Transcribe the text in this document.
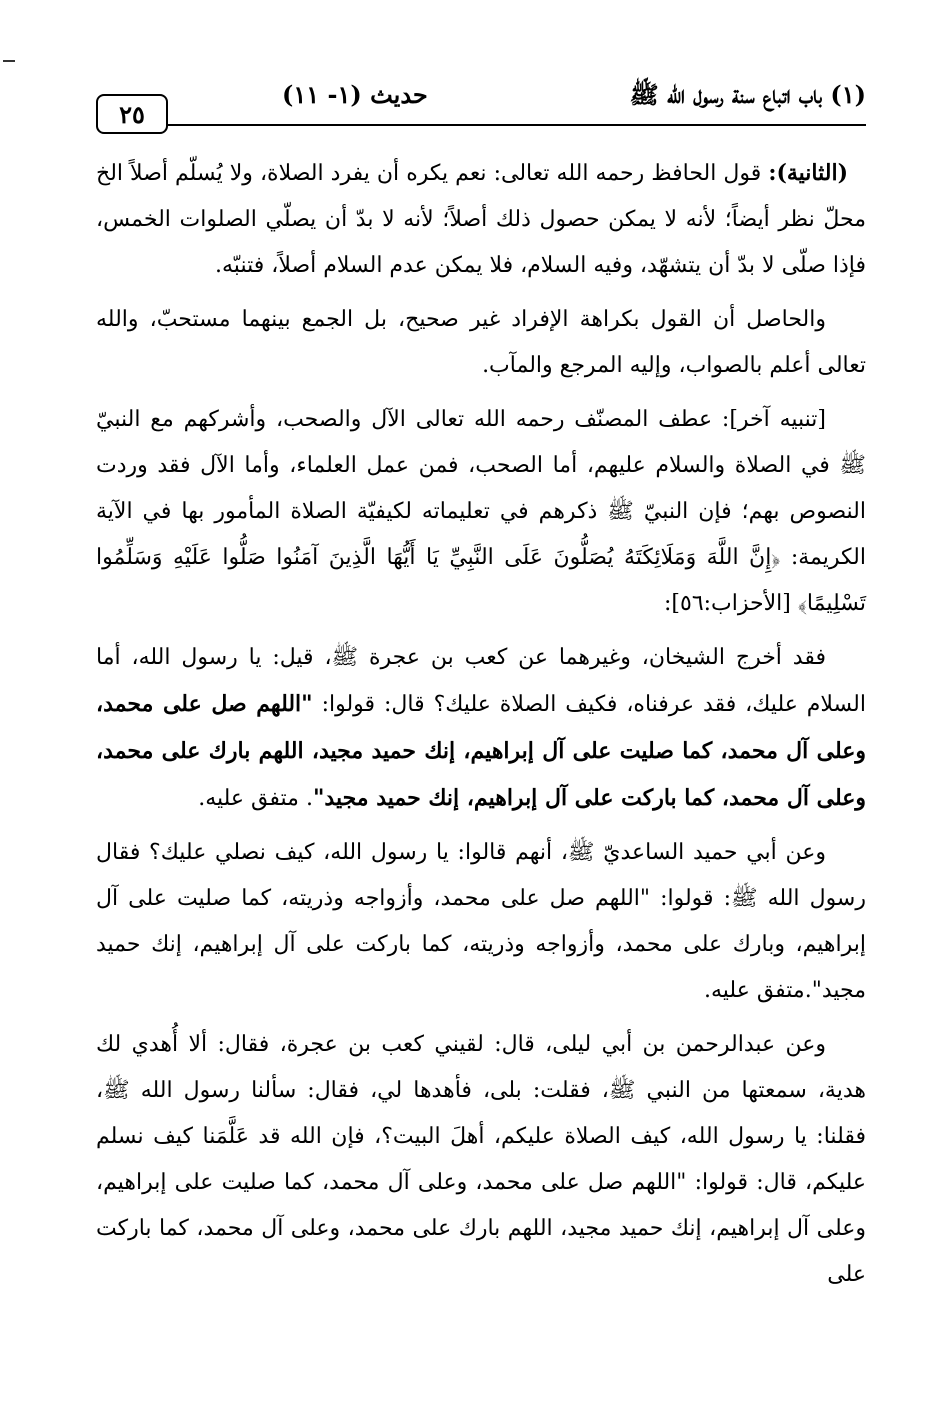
(١) باب اتباع سنة رسول الله ﷺ
حديث (١- ١١)
٢٥

(الثانية): قول الحافظ رحمه الله تعالى: نعم يكره أن يفرد الصلاة، ولا يُسلّم أصلاً الخ محلّ نظر أيضاً؛ لأنه لا يمكن حصول ذلك أصلاً؛ لأنه لا بدّ أن يصلّي الصلوات الخمس، فإذا صلّى لا بدّ أن يتشهّد، وفيه السلام، فلا يمكن عدم السلام أصلاً، فتنبّه.

والحاصل أن القول بكراهة الإفراد غير صحيح، بل الجمع بينهما مستحبّ، والله تعالى أعلم بالصواب، وإليه المرجع والمآب.

[تنبيه آخر]: عطف المصنّف رحمه الله تعالى الآل والصحب، وأشركهم مع النبيّ ﷺ في الصلاة والسلام عليهم، أما الصحب، فمن عمل العلماء، وأما الآل فقد وردت النصوص بهم؛ فإن النبيّ ﷺ ذكرهم في تعليماته لكيفيّة الصلاة المأمور بها في الآية الكريمة: ﴿إِنَّ اللَّهَ وَمَلَائِكَتَهُ يُصَلُّونَ عَلَى النَّبِيِّ يَا أَيُّهَا الَّذِينَ آمَنُوا صَلُّوا عَلَيْهِ وَسَلِّمُوا تَسْلِيمًا﴾ [الأحزاب:٥٦]:

فقد أخرج الشيخان، وغيرهما عن كعب بن عجرة ﷺ، قيل: يا رسول الله، أما السلام عليك، فقد عرفناه، فكيف الصلاة عليك؟ قال: قولوا: "اللهم صل على محمد، وعلى آل محمد، كما صليت على آل إبراهيم، إنك حميد مجيد، اللهم بارك على محمد، وعلى آل محمد، كما باركت على آل إبراهيم، إنك حميد مجيد". متفق عليه.

وعن أبي حميد الساعديّ ﷺ، أنهم قالوا: يا رسول الله، كيف نصلي عليك؟ فقال رسول الله ﷺ: قولوا: "اللهم صل على محمد، وأزواجه وذريته، كما صليت على آل إبراهيم، وبارك على محمد، وأزواجه وذريته، كما باركت على آل إبراهيم، إنك حميد مجيد".متفق عليه.

وعن عبدالرحمن بن أبي ليلى، قال: لقيني كعب بن عجرة، فقال: ألا أُهدي لك هدية، سمعتها من النبي ﷺ، فقلت: بلى، فأهدها لي، فقال: سألنا رسول الله ﷺ، فقلنا: يا رسول الله، كيف الصلاة عليكم، أهلَ البيت؟، فإن الله قد عَلَّمَنا كيف نسلم عليكم، قال: قولوا: "اللهم صل على محمد، وعلى آل محمد، كما صليت على إبراهيم، وعلى آل إبراهيم، إنك حميد مجيد، اللهم بارك على محمد، وعلى آل محمد، كما باركت على
